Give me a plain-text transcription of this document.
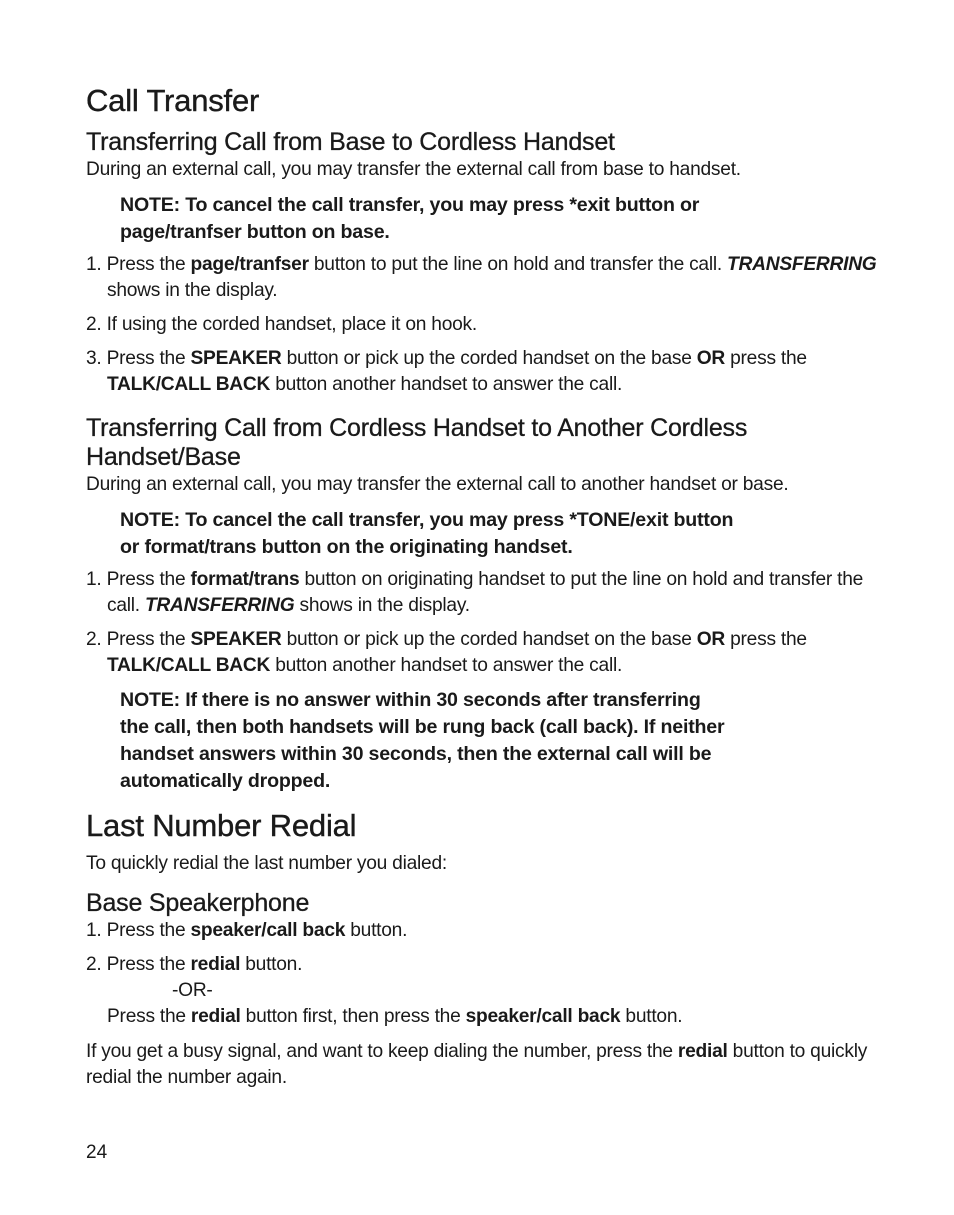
Call Transfer
Transferring Call from Base to Cordless Handset

During an external call, you may transfer the external call from base to handset.

NOTE: To cancel the call transfer, you may press *exit button or
page/tranfser button on base.
1. Press the page/tranfser button to put the line on hold and transfer the call. TRANSFERRING shows in the display.
2. If using the corded handset, place it on hook.
3. Press the SPEAKER button or pick up the corded handset on the base OR press the TALK/CALL BACK button another handset to answer the call.
Transferring Call from Cordless Handset to Another Cordless
Handset/Base

During an external call, you may transfer the external call to another handset or base.

NOTE: To cancel the call transfer, you may press *TONE/exit button
or format/trans button on the originating handset.
1. Press the format/trans button on originating handset to put the line on hold and transfer the call. TRANSFERRING shows in the display.
2. Press the SPEAKER button or pick up the corded handset on the base OR press the TALK/CALL BACK button another handset to answer the call.
NOTE: If there is no answer within 30 seconds after transferring
the call, then both handsets will be rung back (call back). If neither
handset answers within 30 seconds, then the external call will be
automatically dropped.
Last Number Redial

To quickly redial the last number you dialed:

Base Speakerphone
1. Press the speaker/call back button.
2. Press the redial button.

-OR-

Press the redial button first, then press the speaker/call back button.

If you get a busy signal, and want to keep dialing the number, press the redial button to quickly redial the number again.

24
